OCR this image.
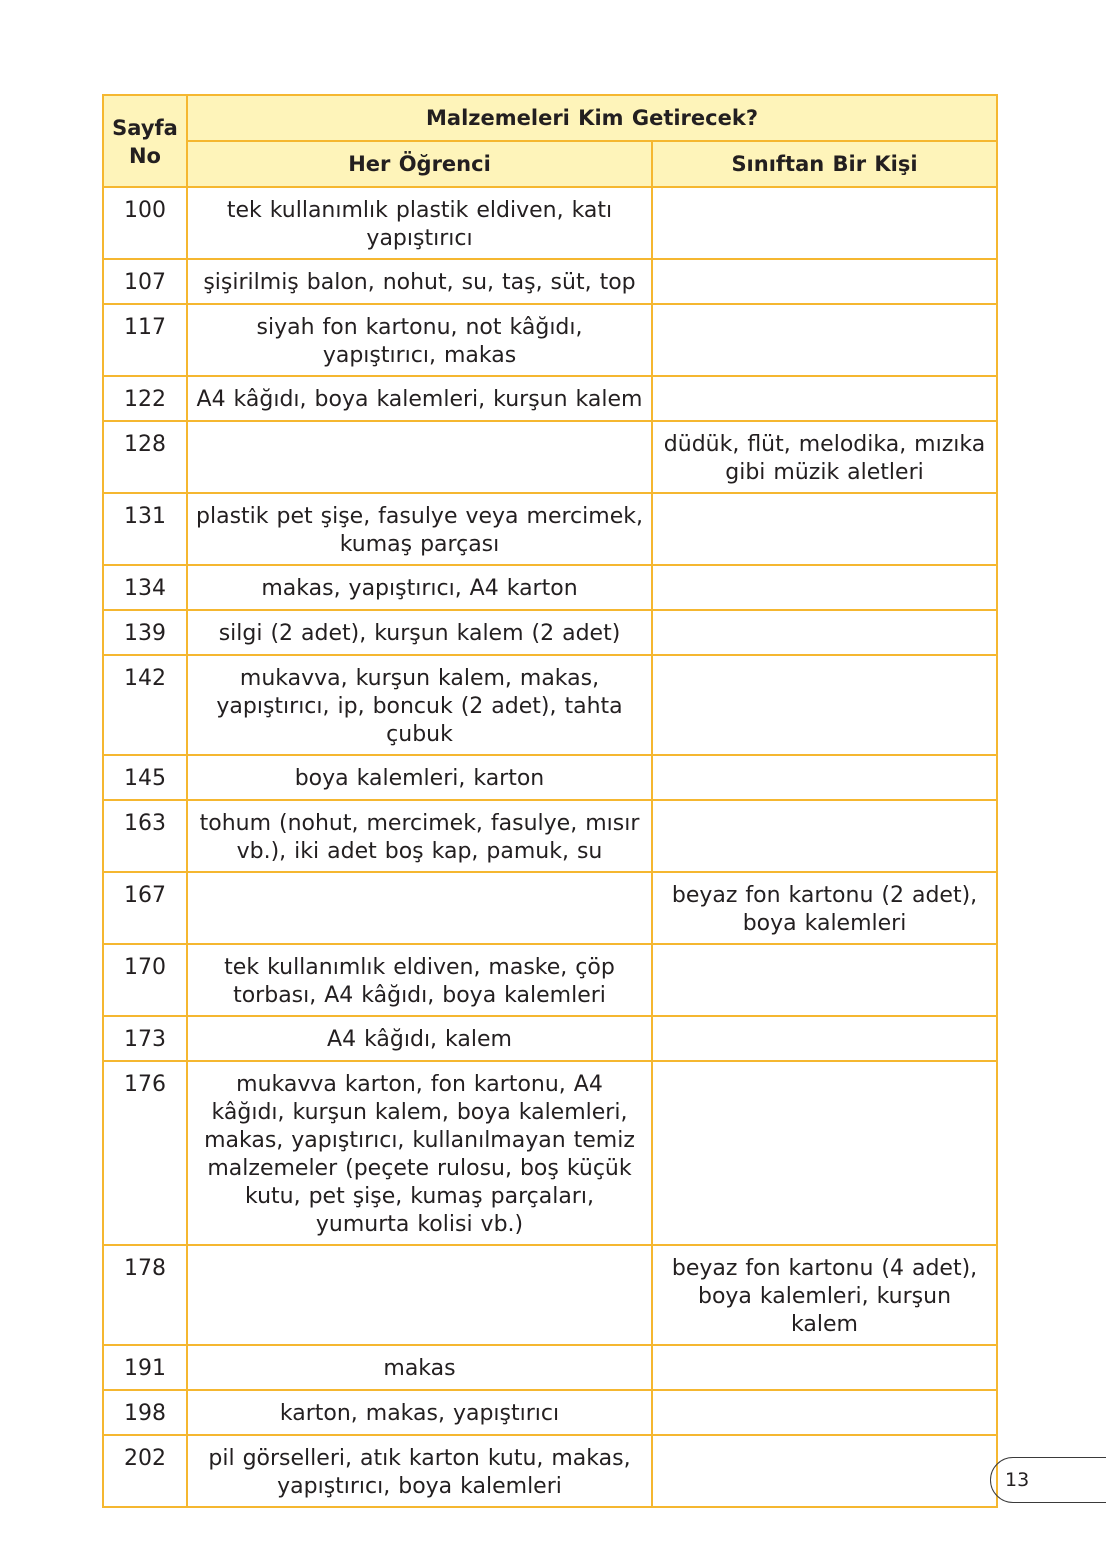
Sayfa
No	Malzemeleri Kim Getirecek?	
	Her Öğrenci	Sınıftan Bir Kişi
100	tek kullanımlık plastik eldiven, katı yapıştırıcı	
107	şişirilmiş balon, nohut, su, taş, süt, top	
117	siyah fon kartonu, not kâğıdı, yapıştırıcı, makas	
122	A4 kâğıdı, boya kalemleri, kurşun kalem	
128		düdük, flüt, melodika, mızıka gibi müzik aletleri
131	plastik pet şişe, fasulye veya mercimek, kumaş parçası	
134	makas, yapıştırıcı, A4 karton	
139	silgi (2 adet), kurşun kalem (2 adet)	
142	mukavva, kurşun kalem, makas, yapıştırıcı, ip, boncuk (2 adet), tahta çubuk	
145	boya kalemleri, karton	
163	tohum (nohut, mercimek, fasulye, mısır vb.), iki adet boş kap, pamuk, su	
167		beyaz fon kartonu (2 adet), boya kalemleri
170	tek kullanımlık eldiven, maske, çöp torbası, A4 kâğıdı, boya kalemleri	
173	A4 kâğıdı, kalem	
176	mukavva karton, fon kartonu, A4 kâğıdı, kurşun kalem, boya kalemleri, makas, yapıştırıcı, kullanılmayan temiz malzemeler (peçete rulosu, boş küçük kutu, pet şişe, kumaş parçaları, yumurta kolisi vb.)	
178		beyaz fon kartonu (4 adet), boya kalemleri, kurşun kalem
191	makas	
198	karton, makas, yapıştırıcı	
202	pil görselleri, atık karton kutu, makas, yapıştırıcı, boya kalemleri		13
